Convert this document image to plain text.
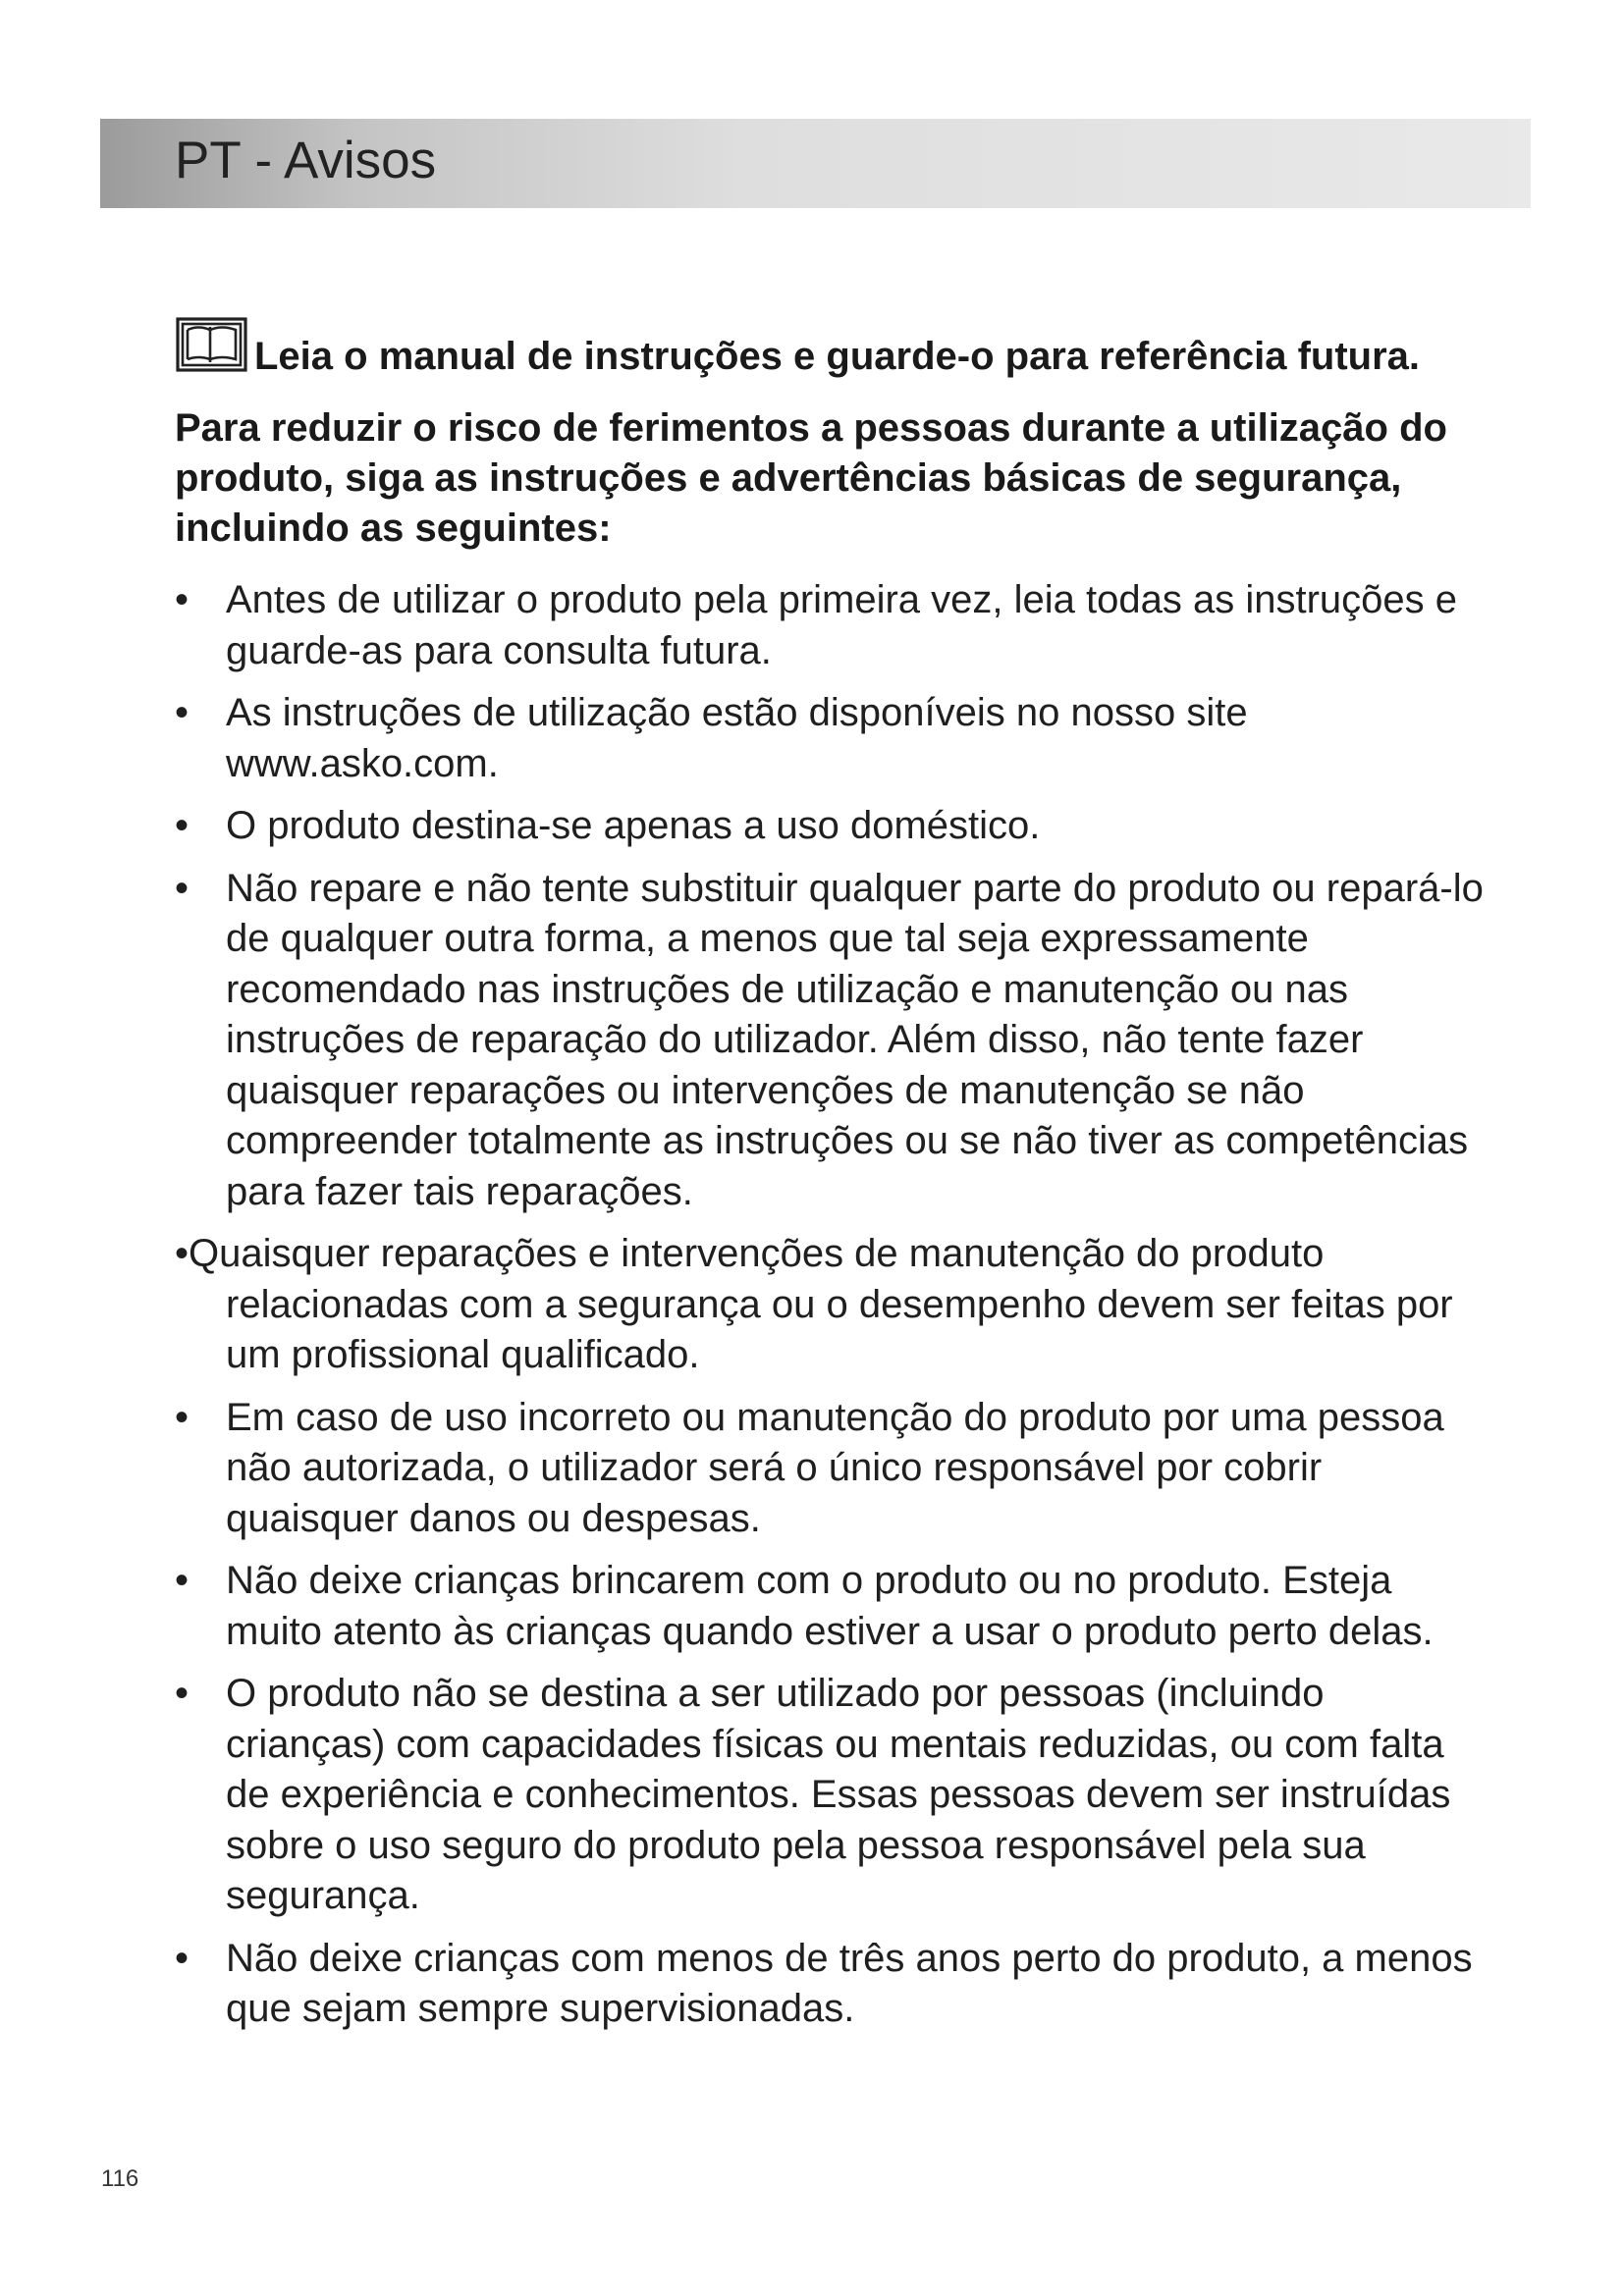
PT - Avisos

Leia o manual de instruções e guarde-o para referência futura.

Para reduzir o risco de ferimentos a pessoas durante a utilização do produto, siga as instruções e advertências básicas de segurança, incluindo as seguintes:

• Antes de utilizar o produto pela primeira vez, leia todas as instruções e guarde-as para consulta futura.
• As instruções de utilização estão disponíveis no nosso site www.asko.com.
• O produto destina-se apenas a uso doméstico.
• Não repare e não tente substituir qualquer parte do produto ou repará-lo de qualquer outra forma, a menos que tal seja expressamente recomendado nas instruções de utilização e manutenção ou nas instruções de reparação do utilizador. Além disso, não tente fazer quaisquer reparações ou intervenções de manutenção se não compreender totalmente as instruções ou se não tiver as competências para fazer tais reparações.
•Quaisquer reparações e intervenções de manutenção do produto relacionadas com a segurança ou o desempenho devem ser feitas por um profissional qualificado.
• Em caso de uso incorreto ou manutenção do produto por uma pessoa não autorizada, o utilizador será o único responsável por cobrir quaisquer danos ou despesas.
• Não deixe crianças brincarem com o produto ou no produto. Esteja muito atento às crianças quando estiver a usar o produto perto delas.
• O produto não se destina a ser utilizado por pessoas (incluindo crianças) com capacidades físicas ou mentais reduzidas, ou com falta de experiência e conhecimentos. Essas pessoas devem ser instruídas sobre o uso seguro do produto pela pessoa responsável pela sua segurança.
• Não deixe crianças com menos de três anos perto do produto, a menos que sejam sempre supervisionadas.
116
